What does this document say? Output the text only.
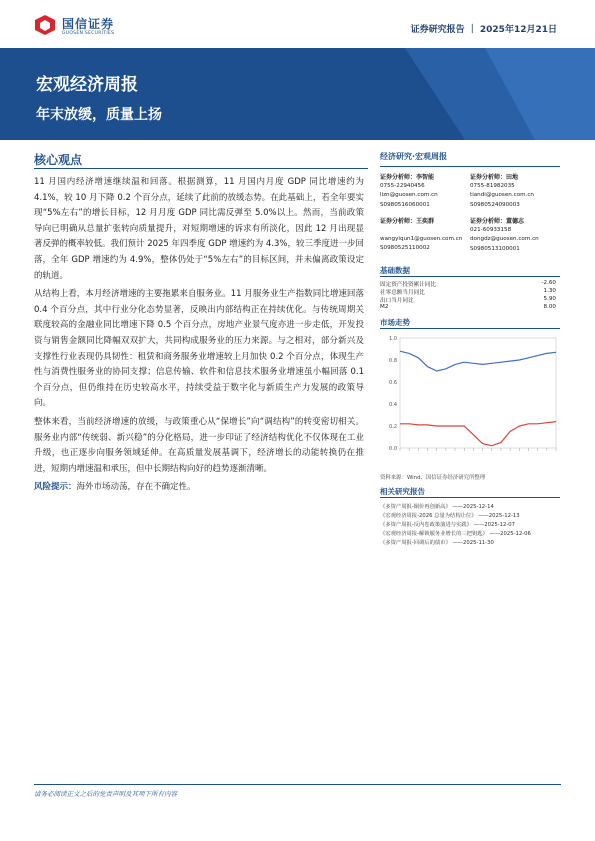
国信证券
GUOSEN SECURITIES	证券研究报告 ｜ 2025年12月21日
宏观经济周报
年末放缓，质量上扬
核心观点

11 月国内经济增速继续温和回落。根据测算，11 月国内月度 GDP 同比增速约为 4.1%，较 10 月下降 0.2 个百分点，延续了此前的放缓态势。在此基础上，若全年要实现“5%左右”的增长目标，12 月月度 GDP 同比需反弹至 5.0%以上。然而，当前政策导向已明确从总量扩张转向质量提升，对短期增速的诉求有所淡化，因此 12 月出现显著反弹的概率较低。我们预计 2025 年四季度 GDP 增速约为 4.3%，较三季度进一步回落，全年 GDP 增速约为 4.9%，整体仍处于“5%左右”的目标区间，并未偏离政策设定的轨道。

从结构上看，本月经济增速的主要拖累来自服务业。11 月服务业生产指数同比增速回落 0.4 个百分点，其中行业分化态势显著，反映出内部结构正在持续优化。与传统周期关联度较高的金融业同比增速下降 0.5 个百分点，房地产业景气度亦进一步走低，开发投资与销售金额同比降幅双双扩大，共同构成服务业的压力来源。与之相对，部分新兴及支撑性行业表现仍具韧性：租赁和商务服务业增速较上月加快 0.2 个百分点，体现生产性与消费性服务业的协同支撑；信息传输、软件和信息技术服务业增速虽小幅回落 0.1 个百分点，但仍维持在历史较高水平，持续受益于数字化与新质生产力发展的政策导向。

整体来看，当前经济增速的放缓，与政策重心从“保增长”向“调结构”的转变密切相关。服务业内部“传统弱、新兴稳”的分化格局，进一步印证了经济结构优化不仅体现在工业升级，也正逐步向服务领域延伸。在高质量发展基调下，经济增长的动能转换仍在推进，短期内增速温和承压，但中长期结构向好的趋势逐渐清晰。

风险提示：海外市场动荡，存在不确定性。

经济研究·宏观周报
证券分析师：李智能
0755-22940456
lizn@guosen.com.cn
S0980516060001
证券分析师：田地
0755-81982035
tiandi@guosen.com.cn
S0980524090003
证券分析师：王奕群
wangyiqun1@guosen.com.cn
S0980525110002
证券分析师：董德志
021-60933158
dongdz@guosen.com.cn
S0980513100001
基础数据
固定资产投资累计同比	-2.60
社零总额当月同比	1.30
出口当月同比	5.90
M2	8.00
市场走势
0.0
0.2
0.4
0.6
0.8
1.0
资料来源：Wind、国信证券经济研究所整理
相关研究报告
《多资产周报-铜价再创新高》 ——2025-12-14
《宏观经济周报-2026 总量为结构让位》 ——2025-12-13
《多资产周报-反内卷政策演进与实践》 ——2025-12-07
《宏观经济周报-解锁服务业增长的三把钥匙》 ——2025-12-06
《多资产周报-回调后的债市》 ——2025-11-30
请务必阅读正文之后的免责声明及其项下所有内容
